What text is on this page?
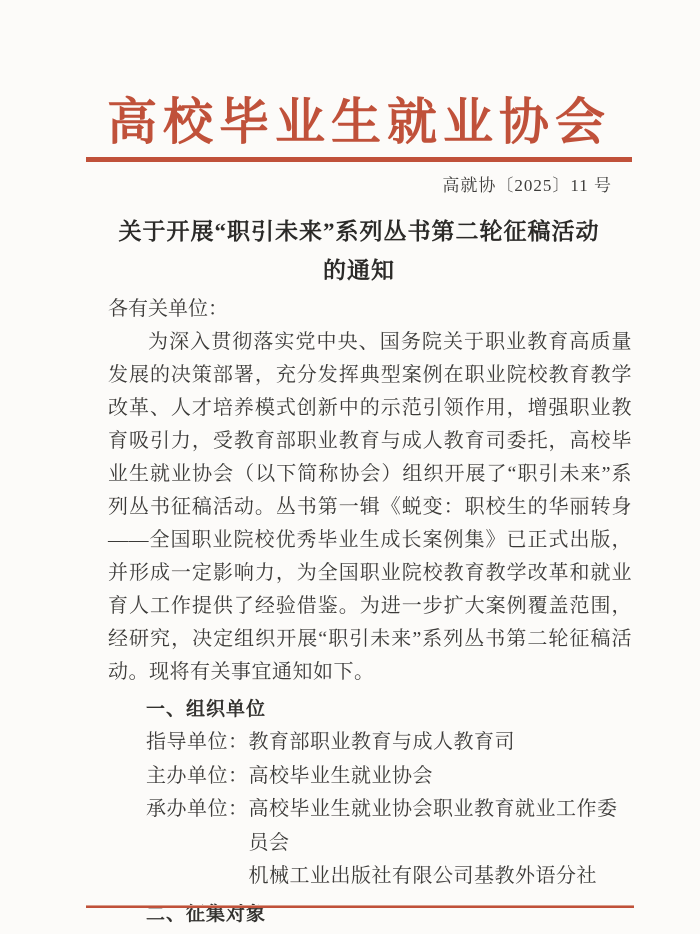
高校毕业生就业协会
高就协〔2025〕11 号
关于开展“职引未来”系列丛书第二轮征稿活动
的通知
各有关单位：

为深入贯彻落实党中央、国务院关于职业教育高质量发展的决策部署，充分发挥典型案例在职业院校教育教学改革、人才培养模式创新中的示范引领作用，增强职业教育吸引力，受教育部职业教育与成人教育司委托，高校毕业生就业协会（以下简称协会）组织开展了“职引未来”系列丛书征稿活动。丛书第一辑《蜕变：职校生的华丽转身——全国职业院校优秀毕业生成长案例集》已正式出版，并形成一定影响力，为全国职业院校教育教学改革和就业育人工作提供了经验借鉴。为进一步扩大案例覆盖范围，经研究，决定组织开展“职引未来”系列丛书第二轮征稿活动。现将有关事宜通知如下。

一、组织单位
指导单位： 教育部职业教育与成人教育司
主办单位： 高校毕业生就业协会
承办单位： 高校毕业生就业协会职业教育就业工作委员会
机械工业出版社有限公司基教外语分社
二、征集对象
